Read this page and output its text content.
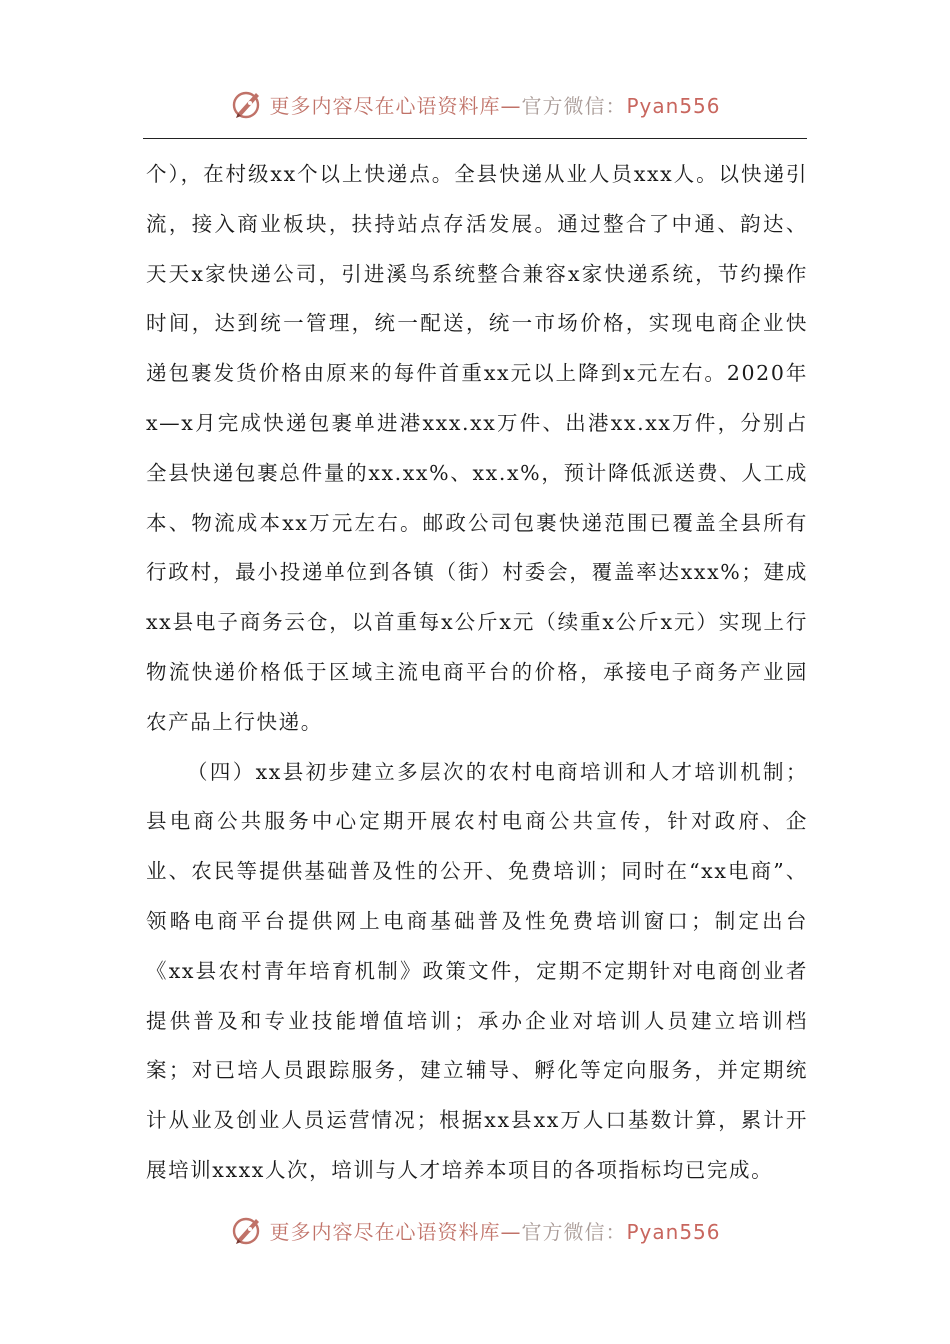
更多内容尽在心语资料库—官方微信：Pyan556

个），在村级xx个以上快递点。全县快递从业人员xxx人。以快递引流，接入商业板块，扶持站点存活发展。通过整合了中通、韵达、天天x家快递公司，引进溪鸟系统整合兼容x家快递系统，节约操作时间，达到统一管理，统一配送，统一市场价格，实现电商企业快递包裹发货价格由原来的每件首重xx元以上降到x元左右。2020年x—x月完成快递包裹单进港xxx.xx万件、出港xx.xx万件，分别占全县快递包裹总件量的xx.xx%、xx.x%，预计降低派送费、人工成本、物流成本xx万元左右。邮政公司包裹快递范围已覆盖全县所有行政村，最小投递单位到各镇（街）村委会，覆盖率达xxx%；建成xx县电子商务云仓，以首重每x公斤x元（续重x公斤x元）实现上行物流快递价格低于区域主流电商平台的价格，承接电子商务产业园农产品上行快递。

（四）xx县初步建立多层次的农村电商培训和人才培训机制；县电商公共服务中心定期开展农村电商公共宣传，针对政府、企业、农民等提供基础普及性的公开、免费培训；同时在“xx电商”、领略电商平台提供网上电商基础普及性免费培训窗口；制定出台《xx县农村青年培育机制》政策文件，定期不定期针对电商创业者提供普及和专业技能增值培训；承办企业对培训人员建立培训档案；对已培人员跟踪服务，建立辅导、孵化等定向服务，并定期统计从业及创业人员运营情况；根据xx县xx万人口基数计算，累计开展培训xxxx人次，培训与人才培养本项目的各项指标均已完成。

更多内容尽在心语资料库—官方微信：Pyan556
